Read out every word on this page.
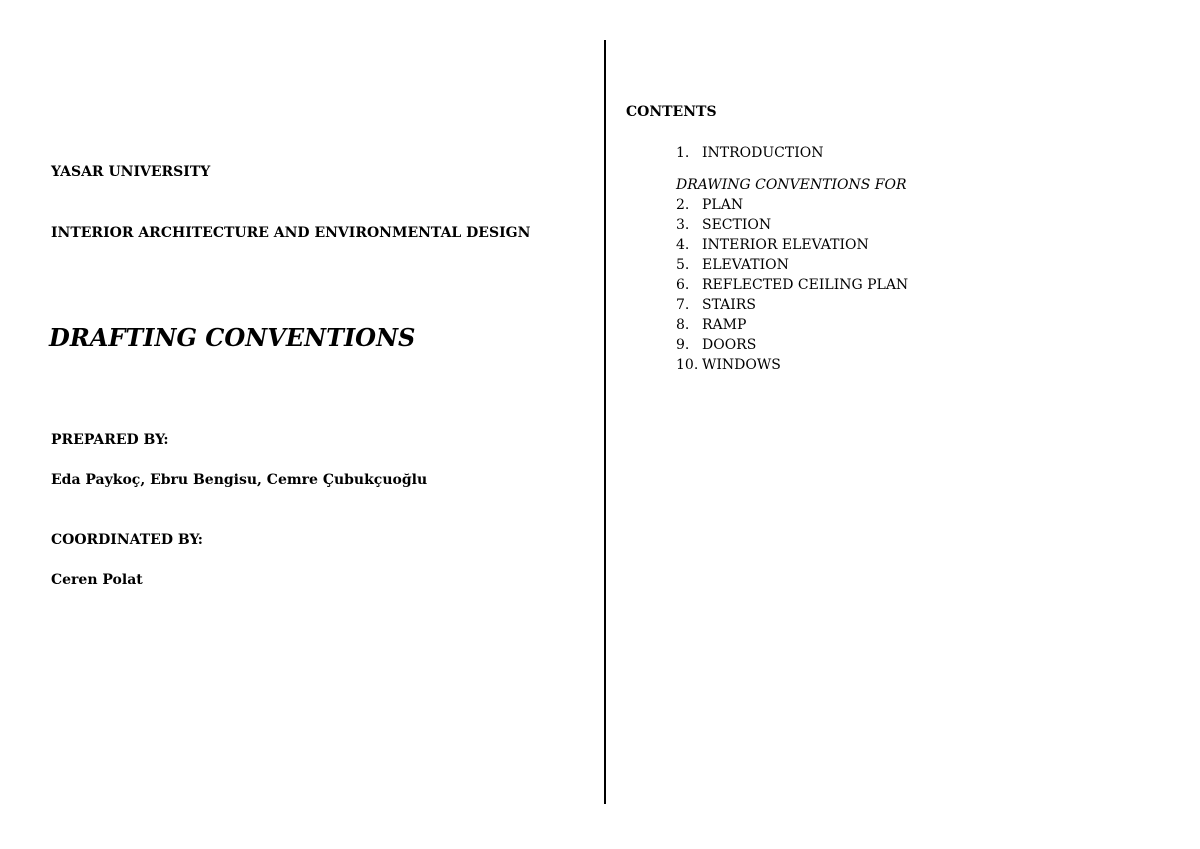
YASAR UNIVERSITY
INTERIOR ARCHITECTURE AND ENVIRONMENTAL DESIGN
DRAFTING CONVENTIONS
PREPARED BY:
Eda Paykoç, Ebru Bengisu, Cemre Çubukçuoğlu
COORDINATED BY:
Ceren Polat
CONTENTS
1. INTRODUCTION
DRAWING CONVENTIONS FOR
2. PLAN
3. SECTION
4. INTERIOR ELEVATION
5. ELEVATION
6. REFLECTED CEILING PLAN
7. STAIRS
8. RAMP
9. DOORS
10. WINDOWS
